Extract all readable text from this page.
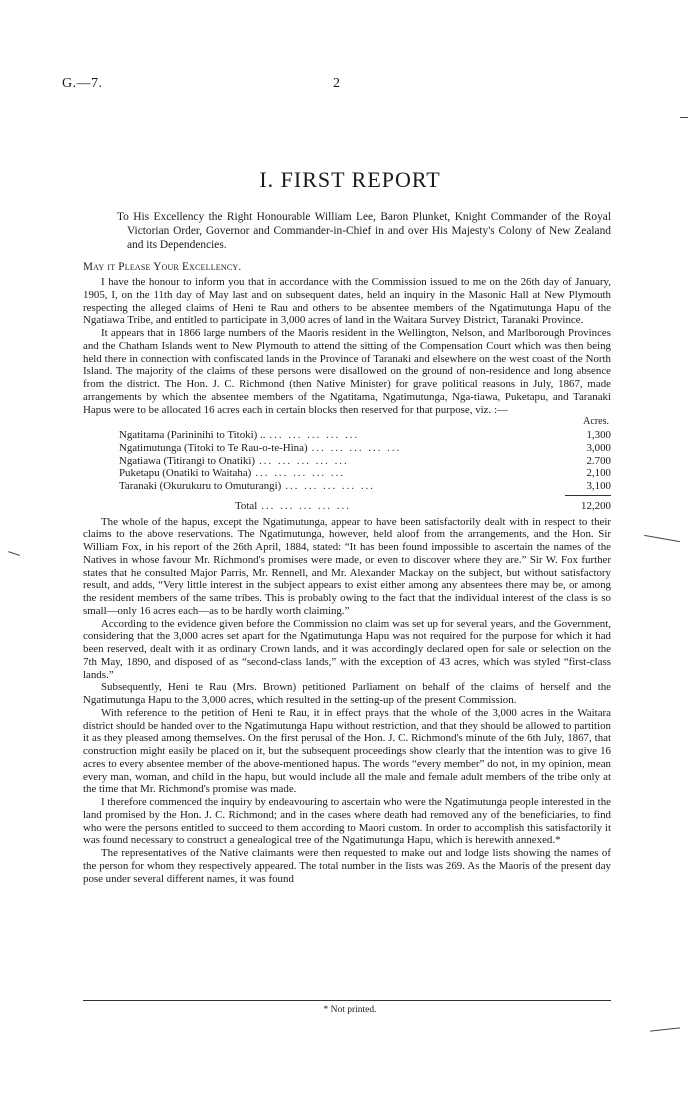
G.—7.	2
I. FIRST REPORT
To His Excellency the Right Honourable William Lee, Baron Plunket, Knight Commander of the Royal Victorian Order, Governor and Commander-in-Chief in and over His Majesty's Colony of New Zealand and its Dependencies.
May it Please Your Excellency.

I have the honour to inform you that in accordance with the Commission issued to me on the 26th day of January, 1905, I, on the 11th day of May last and on subsequent dates, held an inquiry in the Masonic Hall at New Plymouth respecting the alleged claims of Heni te Rau and others to be absentee members of the Ngatimutunga Hapu of the Ngatiawa Tribe, and entitled to participate in 3,000 acres of land in the Waitara Survey District, Taranaki Province.

It appears that in 1866 large numbers of the Maoris resident in the Wellington, Nelson, and Marlborough Provinces and the Chatham Islands went to New Plymouth to attend the sitting of the Compensation Court which was then being held there in connection with confiscated lands in the Province of Taranaki and elsewhere on the west coast of the North Island. The majority of the claims of these persons were disallowed on the ground of non-residence and long absence from the district. The Hon. J. C. Richmond (then Native Minister) for grave political reasons in July, 1867, made arrangements by which the absentee members of the Ngatitama, Ngatimutunga, Nga-tiawa, Puketapu, and Taranaki Hapus were to be allocated 16 acres each in certain blocks then reserved for that purpose, viz. :—

Acres.
Ngatitama (Parininihi to Titoki) .. ... ... ... ... ...	1,300
Ngatimutunga (Titoki to Te Rau-o-te-Hina) ... ... ... ... ...	3,000
Ngatiawa (Titirangi to Onatiki) ... ... ... ... ...	2.700
Puketapu (Onatiki to Waitaha) ... ... ... ... ...	2,100
Taranaki (Okurukuru to Omuturangi) ... ... ... ... ...	3,100
Total ... ... ... ... ...	12,200

The whole of the hapus, except the Ngatimutunga, appear to have been satisfactorily dealt with in respect to their claims to the above reservations. The Ngatimutunga, however, held aloof from the arrangements, and the Hon. Sir William Fox, in his report of the 26th April, 1884, stated: “It has been found impossible to ascertain the names of the Natives in whose favour Mr. Richmond's promises were made, or even to discover where they are.” Sir W. Fox further states that he consulted Major Parris, Mr. Rennell, and Mr. Alexander Mackay on the subject, but without satisfactory result, and adds, “Very little interest in the subject appears to exist either among any absentees there may be, or among the resident members of the same tribes. This is probably owing to the fact that the individual interest of the class is so small—only 16 acres each—as to be hardly worth claiming.”

According to the evidence given before the Commission no claim was set up for several years, and the Government, considering that the 3,000 acres set apart for the Ngatimutunga Hapu was not required for the purpose for which it had been reserved, dealt with it as ordinary Crown lands, and it was accordingly declared open for sale or selection on the 7th May, 1890, and disposed of as “second-class lands,” with the exception of 43 acres, which was styled “first-class lands.”

Subsequently, Heni te Rau (Mrs. Brown) petitioned Parliament on behalf of the claims of herself and the Ngatimutunga Hapu to the 3,000 acres, which resulted in the setting-up of the present Commission.

With reference to the petition of Heni te Rau, it in effect prays that the whole of the 3,000 acres in the Waitara district should be handed over to the Ngatimutunga Hapu without restriction, and that they should be allowed to partition it as they pleased among themselves. On the first perusal of the Hon. J. C. Richmond's minute of the 6th July, 1867, that construction might easily be placed on it, but the subsequent proceedings show clearly that the intention was to give 16 acres to every absentee member of the above-mentioned hapus. The words “every member” do not, in my opinion, mean every man, woman, and child in the hapu, but would include all the male and female adult members of the tribe only at the time that Mr. Richmond's promise was made.

I therefore commenced the inquiry by endeavouring to ascertain who were the Ngatimutunga people interested in the land promised by the Hon. J. C. Richmond; and in the cases where death had removed any of the beneficiaries, to find who were the persons entitled to succeed to them according to Maori custom. In order to accomplish this satisfactorily it was found necessary to construct a genealogical tree of the Ngatimutunga Hapu, which is herewith annexed.*

The representatives of the Native claimants were then requested to make out and lodge lists showing the names of the person for whom they respectively appeared. The total number in the lists was 269. As the Maoris of the present day pose under several different names, it was found

* Not printed.
